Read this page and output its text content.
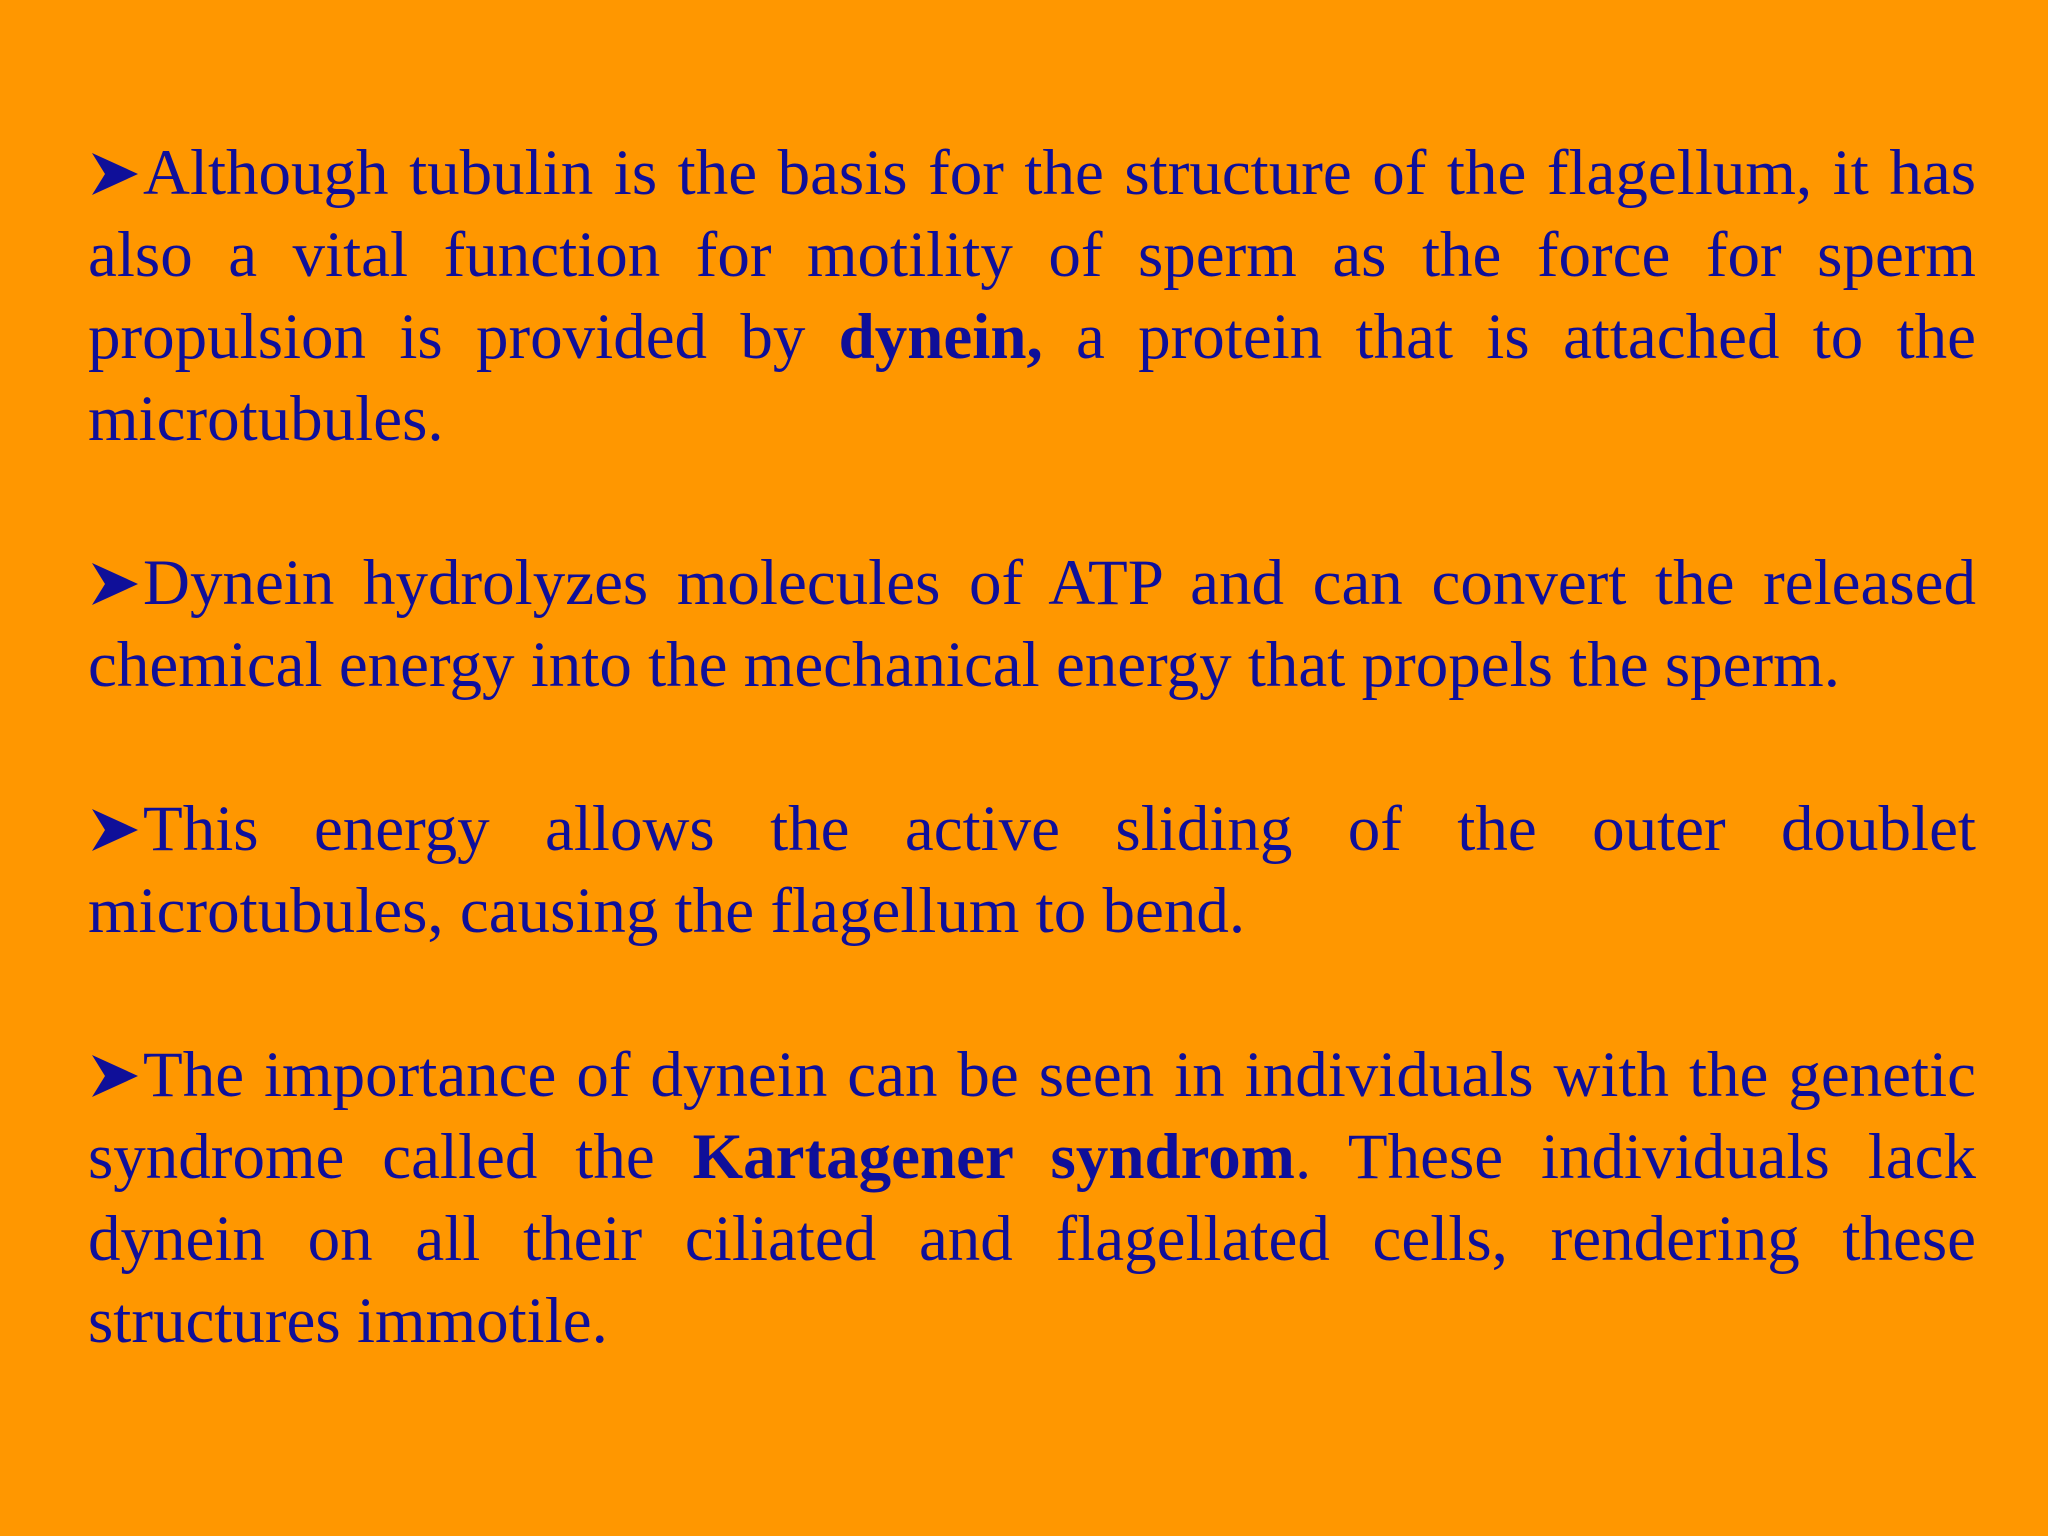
Although tubulin is the basis for the structure of the flagellum, it has also a vital function for motility of sperm as the force for sperm propulsion is provided by dynein, a protein that is attached to the microtubules.
Dynein hydrolyzes molecules of ATP and can convert the released chemical energy into the mechanical energy that propels the sperm.
This energy allows the active sliding of the outer doublet microtubules, causing the flagellum to bend.
The importance of dynein can be seen in individuals with the genetic syndrome called the Kartagener syndrom. These individuals lack dynein on all their ciliated and flagellated cells, rendering these structures immotile.
